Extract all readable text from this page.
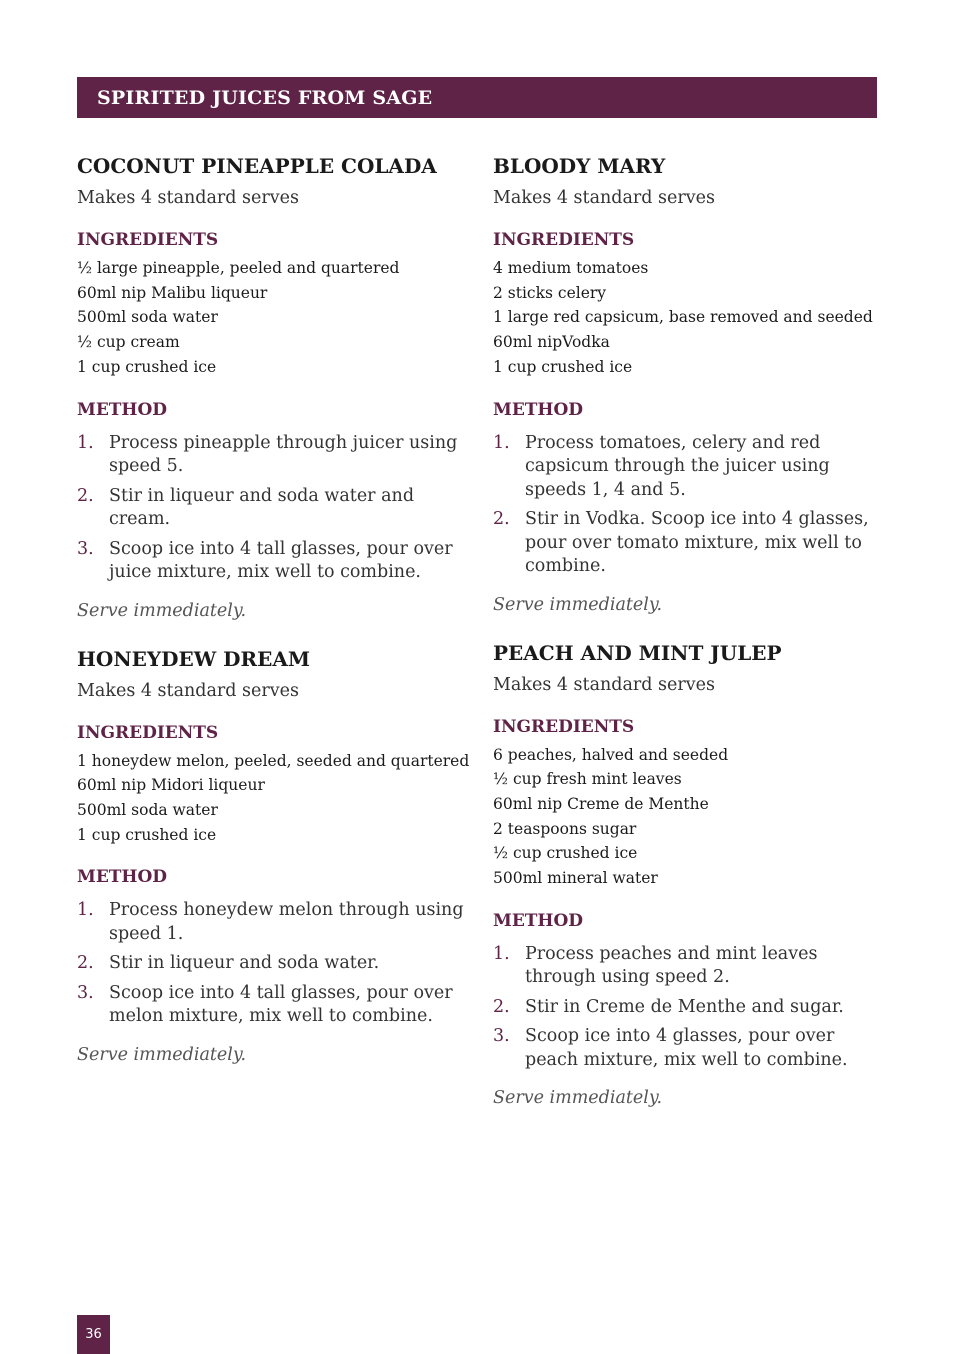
SPIRITED JUICES FROM SAGE
COCONUT PINEAPPLE COLADA

Makes 4 standard serves

INGREDIENTS
½ large pineapple, peeled and quartered
60ml nip Malibu liqueur
500ml soda water
½ cup cream
1 cup crushed ice
METHOD
1. Process pineapple through juicer using speed 5.
2. Stir in liqueur and soda water and cream.
3. Scoop ice into 4 tall glasses, pour over juice mixture, mix well to combine.

Serve immediately.

HONEYDEW DREAM

Makes 4 standard serves

INGREDIENTS
1 honeydew melon, peeled, seeded and quartered
60ml nip Midori liqueur
500ml soda water
1 cup crushed ice
METHOD
1. Process honeydew melon through using speed 1.
2. Stir in liqueur and soda water.
3. Scoop ice into 4 tall glasses, pour over melon mixture, mix well to combine.

Serve immediately.

BLOODY MARY

Makes 4 standard serves

INGREDIENTS
4 medium tomatoes
2 sticks celery
1 large red capsicum, base removed and seeded
60ml nipVodka
1 cup crushed ice
METHOD
1. Process tomatoes, celery and red capsicum through the juicer using speeds 1, 4 and 5.
2. Stir in Vodka. Scoop ice into 4 glasses, pour over tomato mixture, mix well to combine.

Serve immediately.

PEACH AND MINT JULEP

Makes 4 standard serves

INGREDIENTS
6 peaches, halved and seeded
½ cup fresh mint leaves
60ml nip Creme de Menthe
2 teaspoons sugar
½ cup crushed ice
500ml mineral water
METHOD
1. Process peaches and mint leaves through using speed 2.
2. Stir in Creme de Menthe and sugar.
3. Scoop ice into 4 glasses, pour over peach mixture, mix well to combine.

Serve immediately.

36
